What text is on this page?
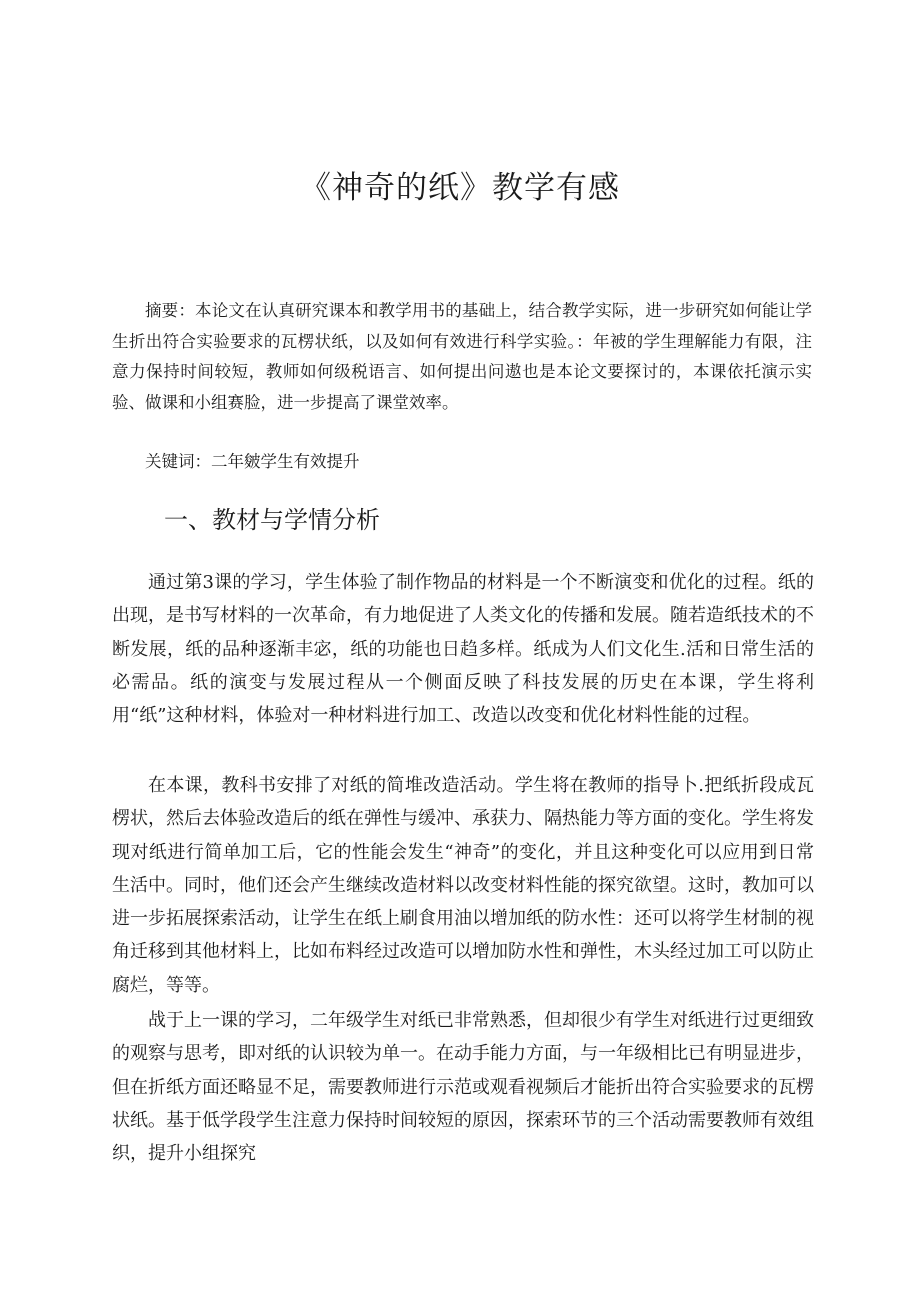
《神奇的纸》教学有感

摘要：本论文在认真研究课本和教学用书的基础上，结合教学实际，进一步研究如何能让学生折出符合实验要求的瓦楞状纸，以及如何有效进行科学实验。：年被的学生理解能力有限，注意力保持时间较短，教师如何级税语言、如何提出问遨也是本论文要探讨的，本课依托演示实验、做课和小组赛脸，进一步提高了课堂效率。

关键词：二年皴学生有效提升

一、教材与学情分析

通过第3课的学习，学生体验了制作物品的材料是一个不断演变和优化的过程。纸的出现，是书写材料的一次革命，有力地促进了人类文化的传播和发展。随若造纸技术的不断发展，纸的品种逐渐丰宓，纸的功能也日趋多样。纸成为人们文化生.活和日常生活的必需品。纸的演变与发展过程从一个侧面反映了科技发展的历史在本课，学生将利用“纸”这种材料，体验对一种材料进行加工、改造以改变和优化材料性能的过程。

在本课，教科书安排了对纸的简堆改造活动。学生将在教师的指导卜.把纸折段成瓦楞状，然后去体验改造后的纸在弹性与缓冲、承获力、隔热能力等方面的变化。学生将发现对纸进行简单加工后，它的性能会发生“神奇”的变化，并且这种变化可以应用到日常生活中。同时，他们还会产生继续改造材料以改变材料性能的探究欲望。这时，教加可以进一步拓展探索活动，让学生在纸上刷食用油以增加纸的防水性：还可以将学生材制的视角迁移到其他材料上，比如布料经过改造可以增加防水性和弹性，木头经过加工可以防止腐烂，等等。

战于上一课的学习，二年级学生对纸已非常熟悉，但却很少有学生对纸进行过更细致的观察与思考，即对纸的认识较为单一。在动手能力方面，与一年级相比已有明显进步，但在折纸方面还略显不足，需要教师进行示范或观看视频后才能折出符合实验要求的瓦楞状纸。基于低学段学生注意力保持时间较短的原因，探索环节的三个活动需要教师有效组织，提升小组探究
